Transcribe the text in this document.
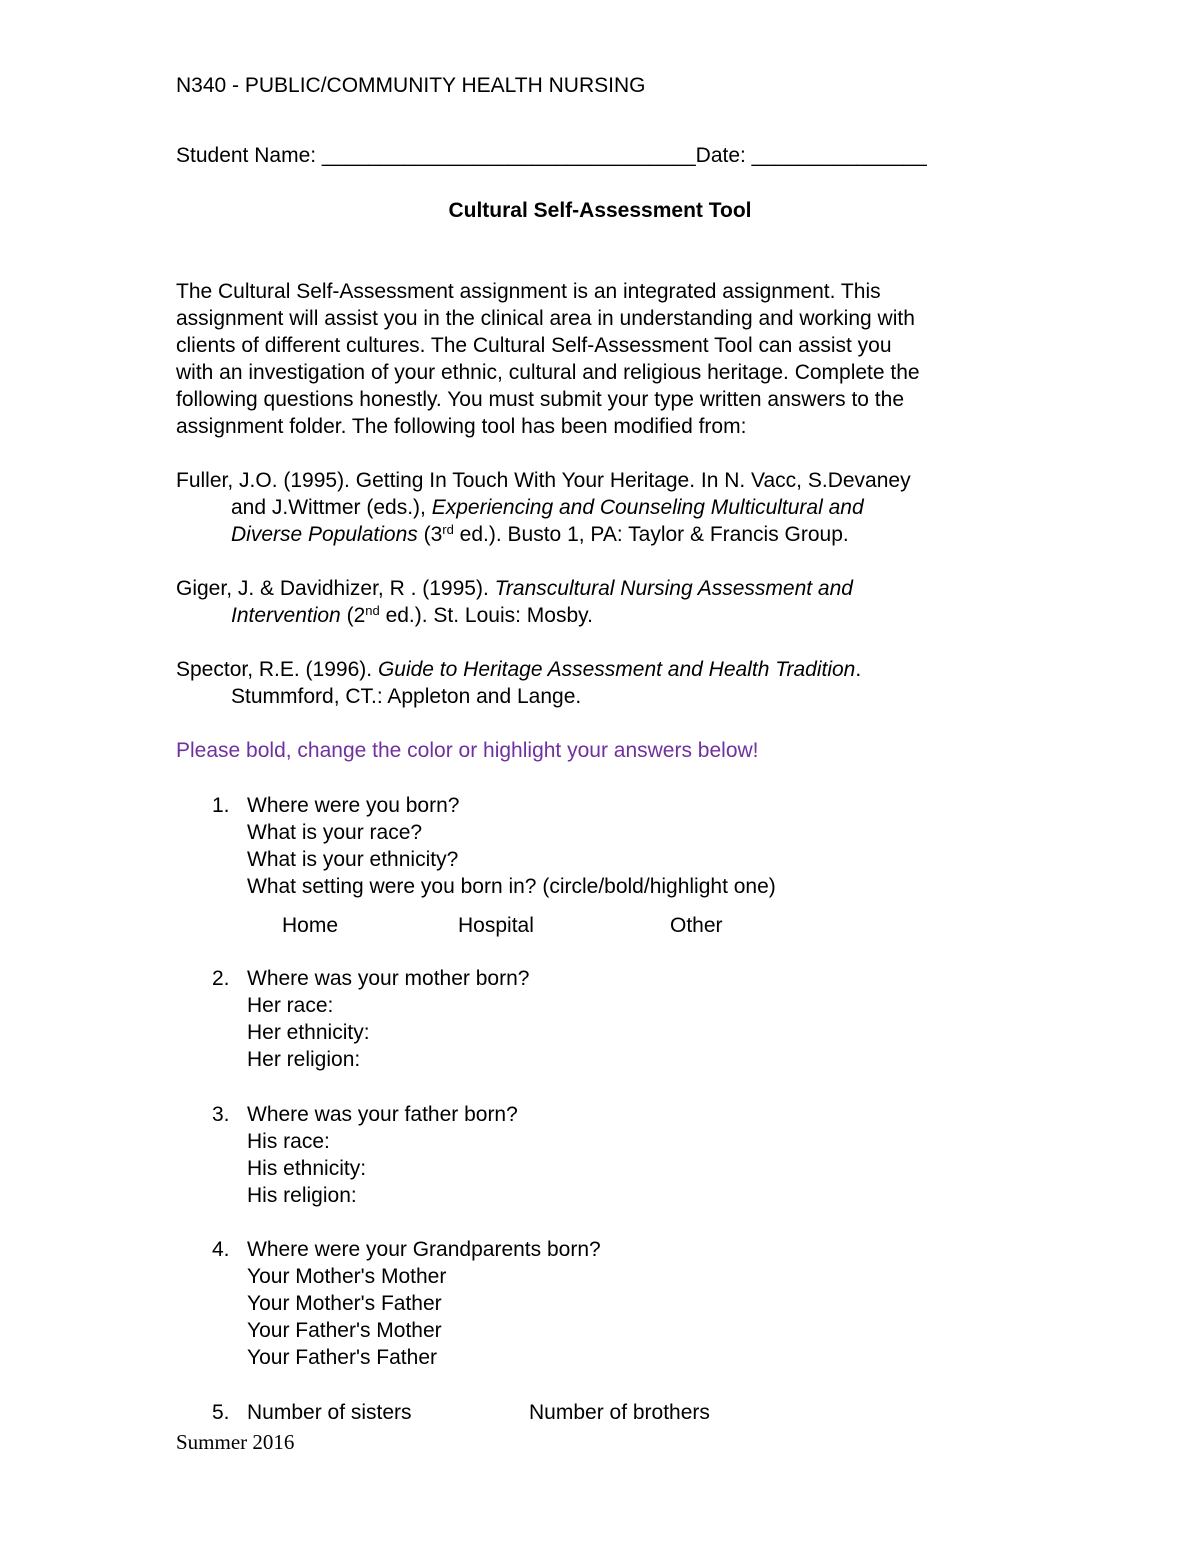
N340 - PUBLIC/COMMUNITY HEALTH NURSING
Student Name: ________________________________Date: _______________
Cultural Self-Assessment Tool

The Cultural Self-Assessment assignment is an integrated assignment. This

assignment will assist you in the clinical area in understanding and working with

clients of different cultures. The Cultural Self-Assessment Tool can assist you

with an investigation of your ethnic, cultural and religious heritage. Complete the

following questions honestly. You must submit your type written answers to the

assignment folder. The following tool has been modified from:

Fuller, J.O. (1995). Getting In Touch With Your Heritage. In N. Vacc, S.Devaney
and J.Wittmer (eds.), Experiencing and Counseling Multicultural and
Diverse Populations (3rd ed.). Busto 1, PA: Taylor & Francis Group.
Giger, J. & Davidhizer, R . (1995). Transcultural Nursing Assessment and
Intervention (2nd ed.). St. Louis: Mosby.
Spector, R.E. (1996). Guide to Heritage Assessment and Health Tradition.
Stummford, CT.: Appleton and Lange.
Please bold, change the color or highlight your answers below!
1. Where were you born?
What is your race?
What is your ethnicity?
What setting were you born in? (circle/bold/highlight one)
Home	Hospital	Other
2. Where was your mother born?
Her race:
Her ethnicity:
Her religion:
3. Where was your father born?
His race:
His ethnicity:
His religion:
4. Where were your Grandparents born?
Your Mother's Mother
Your Mother's Father
Your Father's Mother
Your Father's Father
5. Number of sisters	Number of brothers
Summer 2016
